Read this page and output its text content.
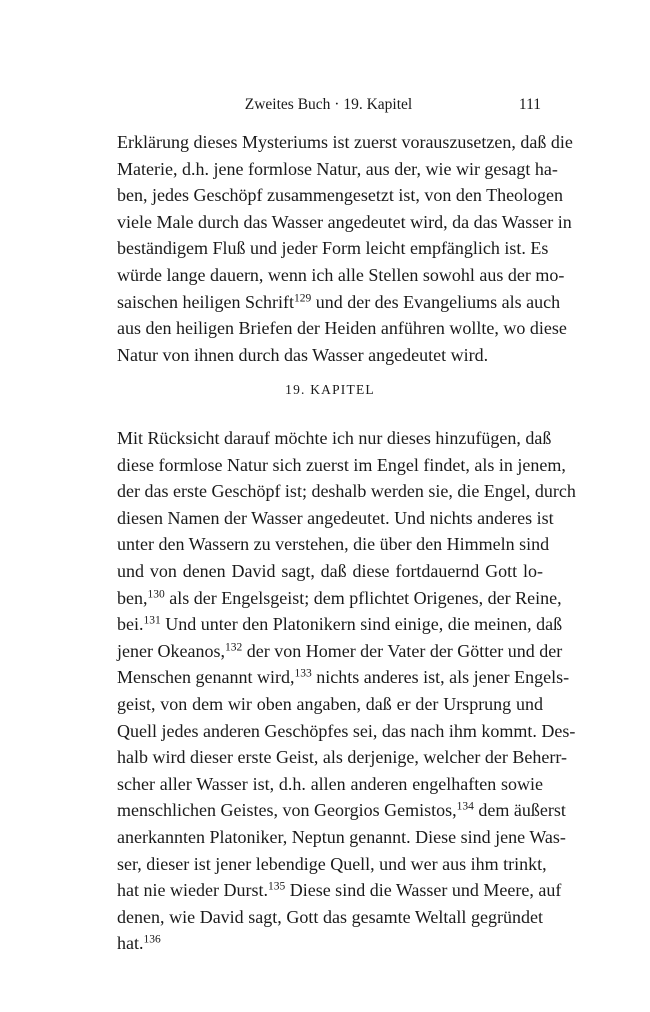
Zweites Buch · 19. Kapitel	111

Erklärung dieses Mysteriums ist zuerst vorauszusetzen, daß die
Materie, d.h. jene formlose Natur, aus der, wie wir gesagt ha-
ben, jedes Geschöpf zusammengesetzt ist, von den Theologen
viele Male durch das Wasser angedeutet wird, da das Wasser in
beständigem Fluß und jeder Form leicht empfänglich ist. Es
würde lange dauern, wenn ich alle Stellen sowohl aus der mo-
saischen heiligen Schrift$^{129}$ und der des Evangeliums als auch
aus den heiligen Briefen der Heiden anführen wollte, wo diese
Natur von ihnen durch das Wasser angedeutet wird.

19. KAPITEL

Mit Rücksicht darauf möchte ich nur dieses hinzufügen, daß
diese formlose Natur sich zuerst im Engel findet, als in jenem,
der das erste Geschöpf ist; deshalb werden sie, die Engel, durch
diesen Namen der Wasser angedeutet. Und nichts anderes ist
unter den Wassern zu verstehen, die über den Himmeln sind
und von denen David sagt, daß diese fortdauernd Gott lo-
ben,$^{130}$ als der Engelsgeist; dem pflichtet Origenes, der Reine,
bei.$^{131}$ Und unter den Platonikern sind einige, die meinen, daß
jener Okeanos,$^{132}$ der von Homer der Vater der Götter und der
Menschen genannt wird,$^{133}$ nichts anderes ist, als jener Engels-
geist, von dem wir oben angaben, daß er der Ursprung und
Quell jedes anderen Geschöpfes sei, das nach ihm kommt. Des-
halb wird dieser erste Geist, als derjenige, welcher der Beherr-
scher aller Wasser ist, d.h. allen anderen engelhaften sowie
menschlichen Geistes, von Georgios Gemistos,$^{134}$ dem äußerst
anerkannten Platoniker, Neptun genannt. Diese sind jene Was-
ser, dieser ist jener lebendige Quell, und wer aus ihm trinkt,
hat nie wieder Durst.$^{135}$ Diese sind die Wasser und Meere, auf
denen, wie David sagt, Gott das gesamte Weltall gegründet
hat.$^{136}$
